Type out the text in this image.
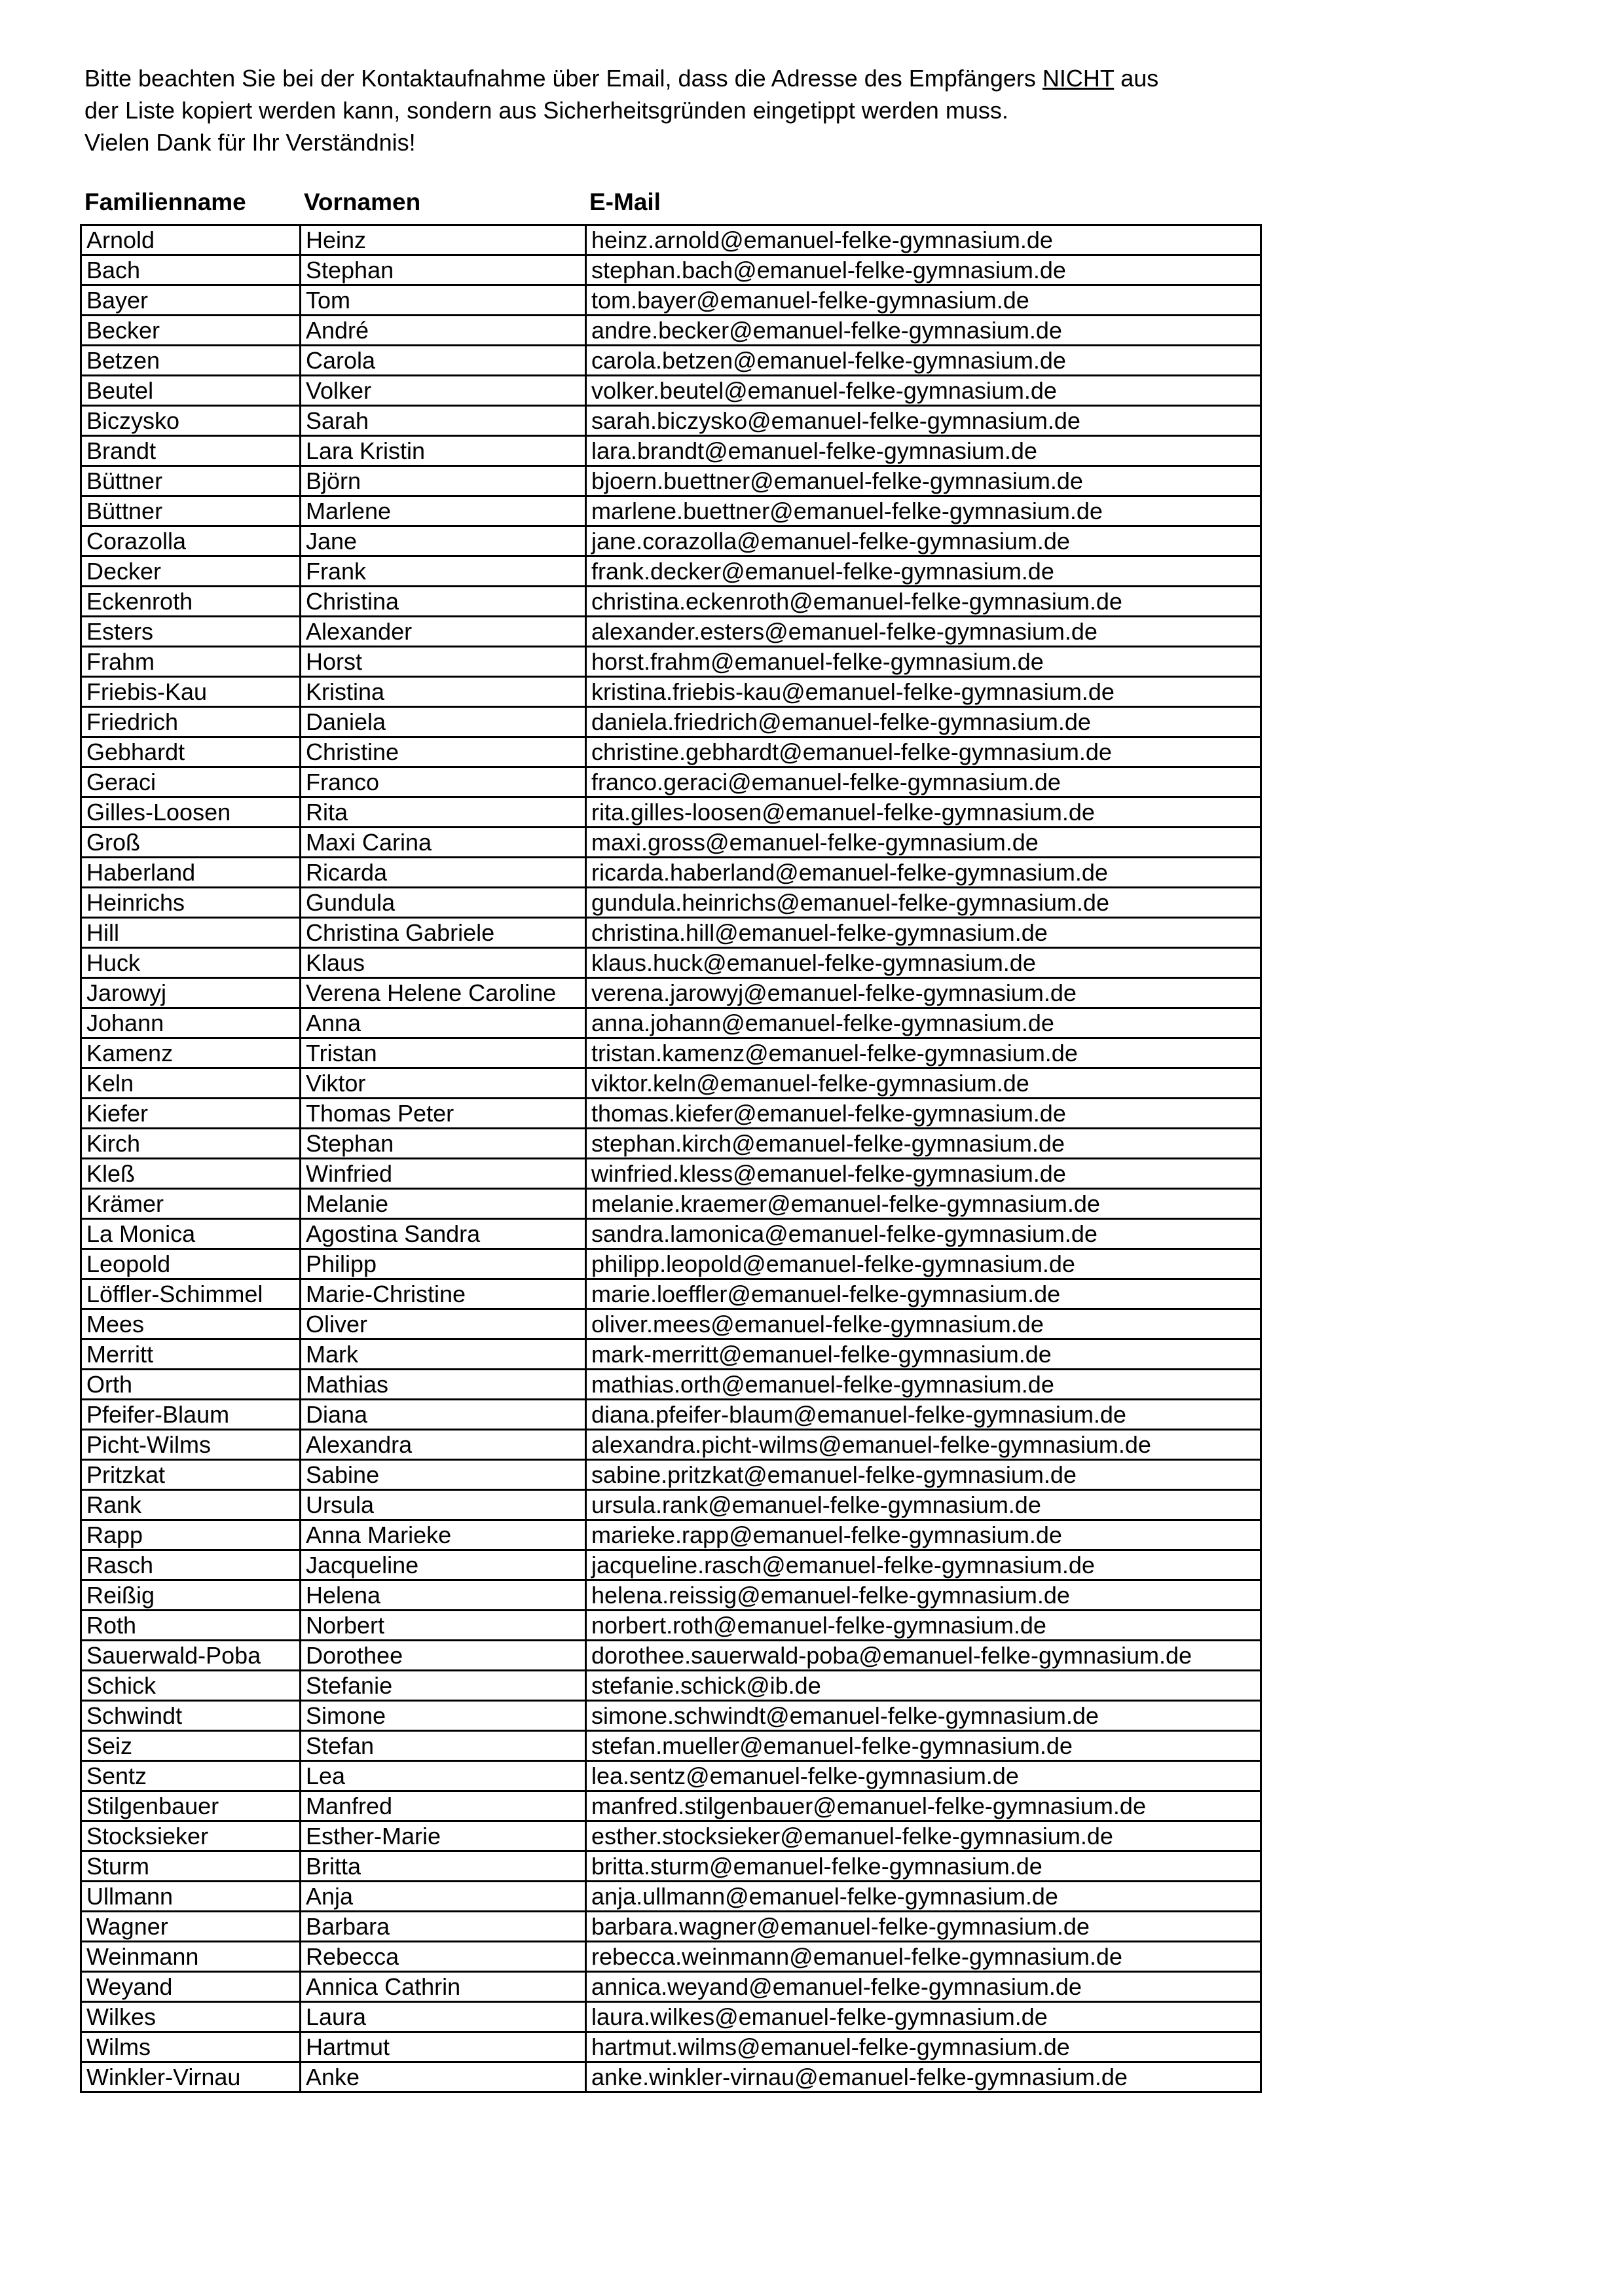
Bitte beachten Sie bei der Kontaktaufnahme über Email, dass die Adresse des Empfängers NICHT aus

der Liste kopiert werden kann, sondern aus Sicherheitsgründen eingetippt werden muss.

Vielen Dank für Ihr Verständnis!

Familienname Vornamen	E-Mail
Arnold	Heinz	heinz.arnold@emanuel-felke-gymnasium.de
Bach	Stephan	stephan.bach@emanuel-felke-gymnasium.de
Bayer	Tom	tom.bayer@emanuel-felke-gymnasium.de
Becker	André	andre.becker@emanuel-felke-gymnasium.de
Betzen	Carola	carola.betzen@emanuel-felke-gymnasium.de
Beutel	Volker	volker.beutel@emanuel-felke-gymnasium.de
Biczysko	Sarah	sarah.biczysko@emanuel-felke-gymnasium.de
Brandt	Lara Kristin	lara.brandt@emanuel-felke-gymnasium.de
Büttner	Björn	bjoern.buettner@emanuel-felke-gymnasium.de
Büttner	Marlene	marlene.buettner@emanuel-felke-gymnasium.de
Corazolla	Jane	jane.corazolla@emanuel-felke-gymnasium.de
Decker	Frank	frank.decker@emanuel-felke-gymnasium.de
Eckenroth	Christina	christina.eckenroth@emanuel-felke-gymnasium.de
Esters	Alexander	alexander.esters@emanuel-felke-gymnasium.de
Frahm	Horst	horst.frahm@emanuel-felke-gymnasium.de
Friebis-Kau	Kristina	kristina.friebis-kau@emanuel-felke-gymnasium.de
Friedrich	Daniela	daniela.friedrich@emanuel-felke-gymnasium.de
Gebhardt	Christine	christine.gebhardt@emanuel-felke-gymnasium.de
Geraci	Franco	franco.geraci@emanuel-felke-gymnasium.de
Gilles-Loosen	Rita	rita.gilles-loosen@emanuel-felke-gymnasium.de
Groß	Maxi Carina	maxi.gross@emanuel-felke-gymnasium.de
Haberland	Ricarda	ricarda.haberland@emanuel-felke-gymnasium.de
Heinrichs	Gundula	gundula.heinrichs@emanuel-felke-gymnasium.de
Hill	Christina Gabriele	christina.hill@emanuel-felke-gymnasium.de
Huck	Klaus	klaus.huck@emanuel-felke-gymnasium.de
Jarowyj	Verena Helene Caroline	verena.jarowyj@emanuel-felke-gymnasium.de
Johann	Anna	anna.johann@emanuel-felke-gymnasium.de
Kamenz	Tristan	tristan.kamenz@emanuel-felke-gymnasium.de
Keln	Viktor	viktor.keln@emanuel-felke-gymnasium.de
Kiefer	Thomas Peter	thomas.kiefer@emanuel-felke-gymnasium.de
Kirch	Stephan	stephan.kirch@emanuel-felke-gymnasium.de
Kleß	Winfried	winfried.kless@emanuel-felke-gymnasium.de
Krämer	Melanie	melanie.kraemer@emanuel-felke-gymnasium.de
La Monica	Agostina Sandra	sandra.lamonica@emanuel-felke-gymnasium.de
Leopold	Philipp	philipp.leopold@emanuel-felke-gymnasium.de
Löffler-Schimmel	Marie-Christine	marie.loeffler@emanuel-felke-gymnasium.de
Mees	Oliver	oliver.mees@emanuel-felke-gymnasium.de
Merritt	Mark	mark-merritt@emanuel-felke-gymnasium.de
Orth	Mathias	mathias.orth@emanuel-felke-gymnasium.de
Pfeifer-Blaum	Diana	diana.pfeifer-blaum@emanuel-felke-gymnasium.de
Picht-Wilms	Alexandra	alexandra.picht-wilms@emanuel-felke-gymnasium.de
Pritzkat	Sabine	sabine.pritzkat@emanuel-felke-gymnasium.de
Rank	Ursula	ursula.rank@emanuel-felke-gymnasium.de
Rapp	Anna Marieke	marieke.rapp@emanuel-felke-gymnasium.de
Rasch	Jacqueline	jacqueline.rasch@emanuel-felke-gymnasium.de
Reißig	Helena	helena.reissig@emanuel-felke-gymnasium.de
Roth	Norbert	norbert.roth@emanuel-felke-gymnasium.de
Sauerwald-Poba	Dorothee	dorothee.sauerwald-poba@emanuel-felke-gymnasium.de
Schick	Stefanie	stefanie.schick@ib.de
Schwindt	Simone	simone.schwindt@emanuel-felke-gymnasium.de
Seiz	Stefan	stefan.mueller@emanuel-felke-gymnasium.de
Sentz	Lea	lea.sentz@emanuel-felke-gymnasium.de
Stilgenbauer	Manfred	manfred.stilgenbauer@emanuel-felke-gymnasium.de
Stocksieker	Esther-Marie	esther.stocksieker@emanuel-felke-gymnasium.de
Sturm	Britta	britta.sturm@emanuel-felke-gymnasium.de
Ullmann	Anja	anja.ullmann@emanuel-felke-gymnasium.de
Wagner	Barbara	barbara.wagner@emanuel-felke-gymnasium.de
Weinmann	Rebecca	rebecca.weinmann@emanuel-felke-gymnasium.de
Weyand	Annica Cathrin	annica.weyand@emanuel-felke-gymnasium.de
Wilkes	Laura	laura.wilkes@emanuel-felke-gymnasium.de
Wilms	Hartmut	hartmut.wilms@emanuel-felke-gymnasium.de
Winkler-Virnau	Anke	anke.winkler-virnau@emanuel-felke-gymnasium.de
